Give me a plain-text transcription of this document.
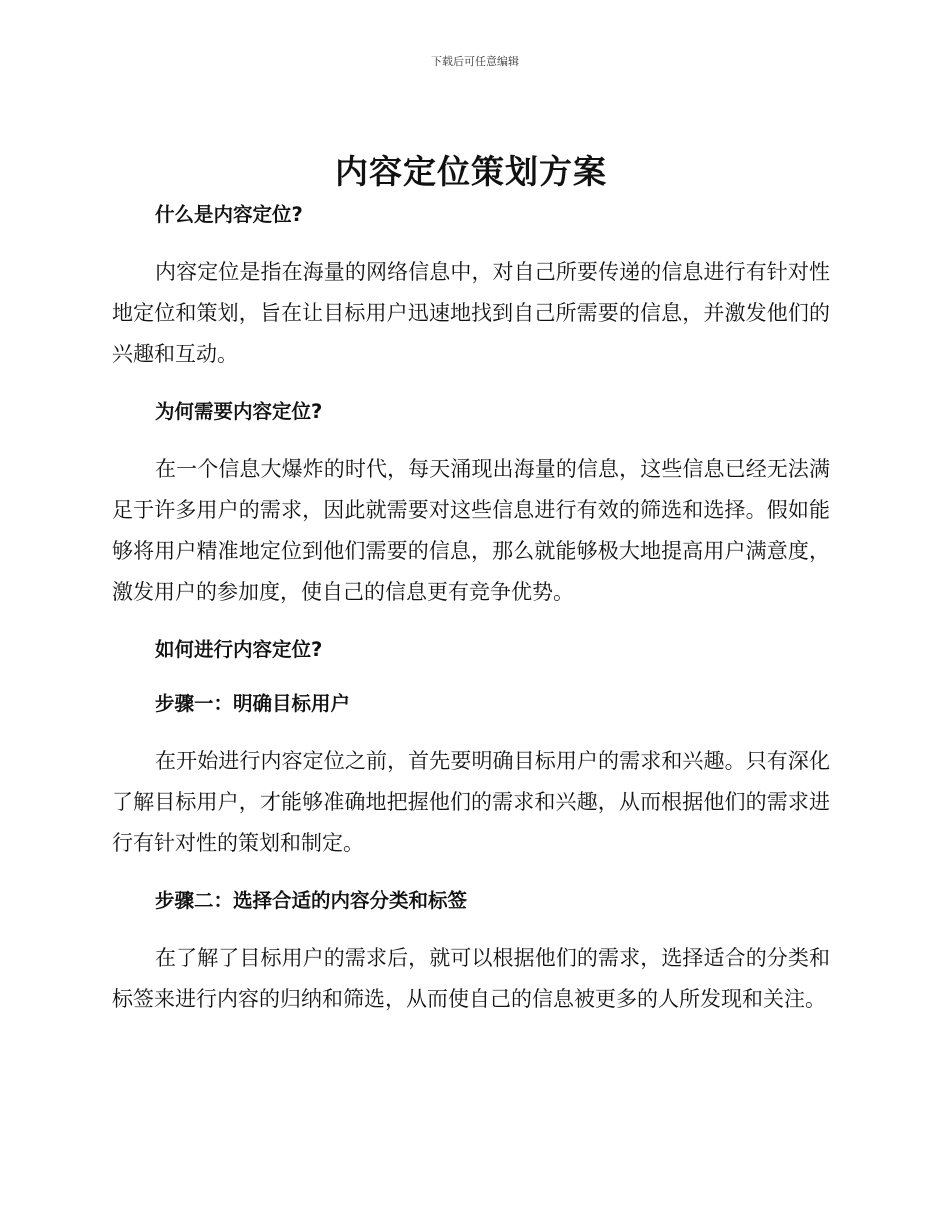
下载后可任意编辑
内容定位策划方案

什么是内容定位?

内容定位是指在海量的网络信息中，对自己所要传递的信息进行有针对性地定位和策划，旨在让目标用户迅速地找到自己所需要的信息，并激发他们的兴趣和互动。

为何需要内容定位?

在一个信息大爆炸的时代，每天涌现出海量的信息，这些信息已经无法满足于许多用户的需求，因此就需要对这些信息进行有效的筛选和选择。假如能够将用户精准地定位到他们需要的信息，那么就能够极大地提高用户满意度，激发用户的参加度，使自己的信息更有竞争优势。

如何进行内容定位?

步骤一：明确目标用户

在开始进行内容定位之前，首先要明确目标用户的需求和兴趣。只有深化了解目标用户，才能够准确地把握他们的需求和兴趣，从而根据他们的需求进行有针对性的策划和制定。

步骤二：选择合适的内容分类和标签

在了解了目标用户的需求后，就可以根据他们的需求，选择适合的分类和标签来进行内容的归纳和筛选，从而使自己的信息被更多的人所发现和关注。
